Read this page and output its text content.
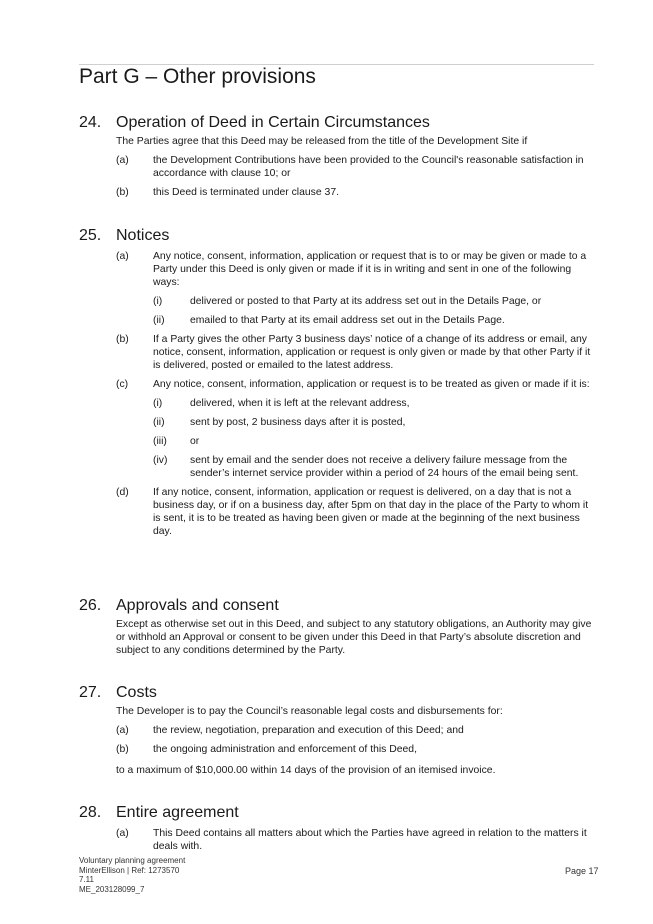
Part G – Other provisions
24. Operation of Deed in Certain Circumstances
The Parties agree that this Deed may be released from the title of the Development Site if
(a) the Development Contributions have been provided to the Council's reasonable satisfaction in accordance with clause 10; or
(b) this Deed is terminated under clause 37.
25. Notices
(a) Any notice, consent, information, application or request that is to or may be given or made to a Party under this Deed is only given or made if it is in writing and sent in one of the following ways:
(i)	delivered or posted to that Party at its address set out in the Details Page, or
(ii) emailed to that Party at its email address set out in the Details Page.
(b) If a Party gives the other Party 3 business days’ notice of a change of its address or email, any notice, consent, information, application or request is only given or made by that other Party if it is delivered, posted or emailed to the latest address.
(c) Any notice, consent, information, application or request is to be treated as given or made if it is:
(i)	delivered, when it is left at the relevant address,
(ii) sent by post, 2 business days after it is posted,
(iii) or
(iv) sent by email and the sender does not receive a delivery failure message from the sender’s internet service provider within a period of 24 hours of the email being sent.
(d) If any notice, consent, information, application or request is delivered, on a day that is not a business day, or if on a business day, after 5pm on that day in the place of the Party to whom it is sent, it is to be treated as having been given or made at the beginning of the next business day.
26. Approvals and consent
Except as otherwise set out in this Deed, and subject to any statutory obligations, an Authority may give or withhold an Approval or consent to be given under this Deed in that Party’s absolute discretion and subject to any conditions determined by the Party.
27. Costs
The Developer is to pay the Council’s reasonable legal costs and disbursements for:
(a) the review, negotiation, preparation and execution of this Deed; and
(b) the ongoing administration and enforcement of this Deed,
to a maximum of $10,000.00 within 14 days of the provision of an itemised invoice.
28. Entire agreement
(a) This Deed contains all matters about which the Parties have agreed in relation to the matters it deals with.
Voluntary planning agreement
MinterEllison | Ref: 1273570
7.11
ME_203128099_7
Page 17
